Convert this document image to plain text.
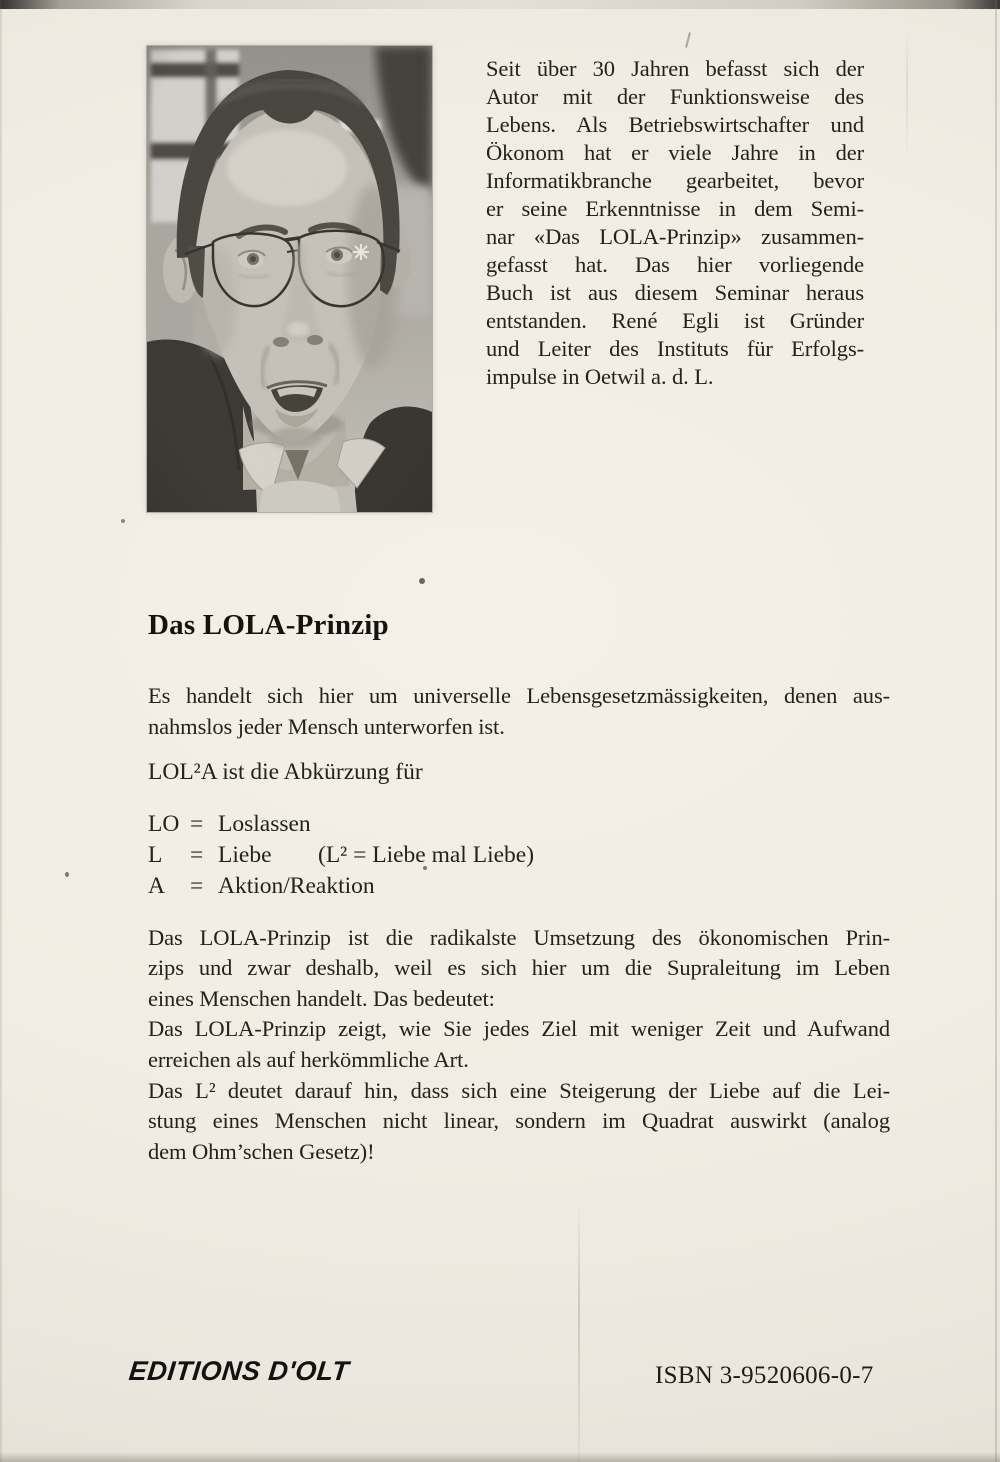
Seit über 30 Jahren befasst sich der
Autor mit der Funktionsweise des
Lebens. Als Betriebswirtschafter und
Ökonom hat er viele Jahre in der
Informatikbranche gearbeitet, bevor
er seine Erkenntnisse in dem Semi-
nar «Das LOLA-Prinzip» zusammen-
gefasst hat. Das hier vorliegende
Buch ist aus diesem Seminar heraus
entstanden. René Egli ist Gründer
und Leiter des Instituts für Erfolgs-
impulse in Oetwil a. d. L.
Das LOLA-Prinzip
Es handelt sich hier um universelle Lebensgesetzmässigkeiten, denen aus-
nahmslos jeder Mensch unterworfen ist.
LOL²A ist die Abkürzung für
LO = Loslassen
L	= Liebe	(L² = Liebe mal Liebe)
A	= Aktion/Reaktion
Das LOLA-Prinzip ist die radikalste Umsetzung des ökonomischen Prin-
zips und zwar deshalb, weil es sich hier um die Supraleitung im Leben
eines Menschen handelt. Das bedeutet:
Das LOLA-Prinzip zeigt, wie Sie jedes Ziel mit weniger Zeit und Aufwand
erreichen als auf herkömmliche Art.
Das L² deutet darauf hin, dass sich eine Steigerung der Liebe auf die Lei-
stung eines Menschen nicht linear, sondern im Quadrat auswirkt (analog
dem Ohm’schen Gesetz)!
EDITIONS D'OLT	ISBN 3-9520606-0-7
